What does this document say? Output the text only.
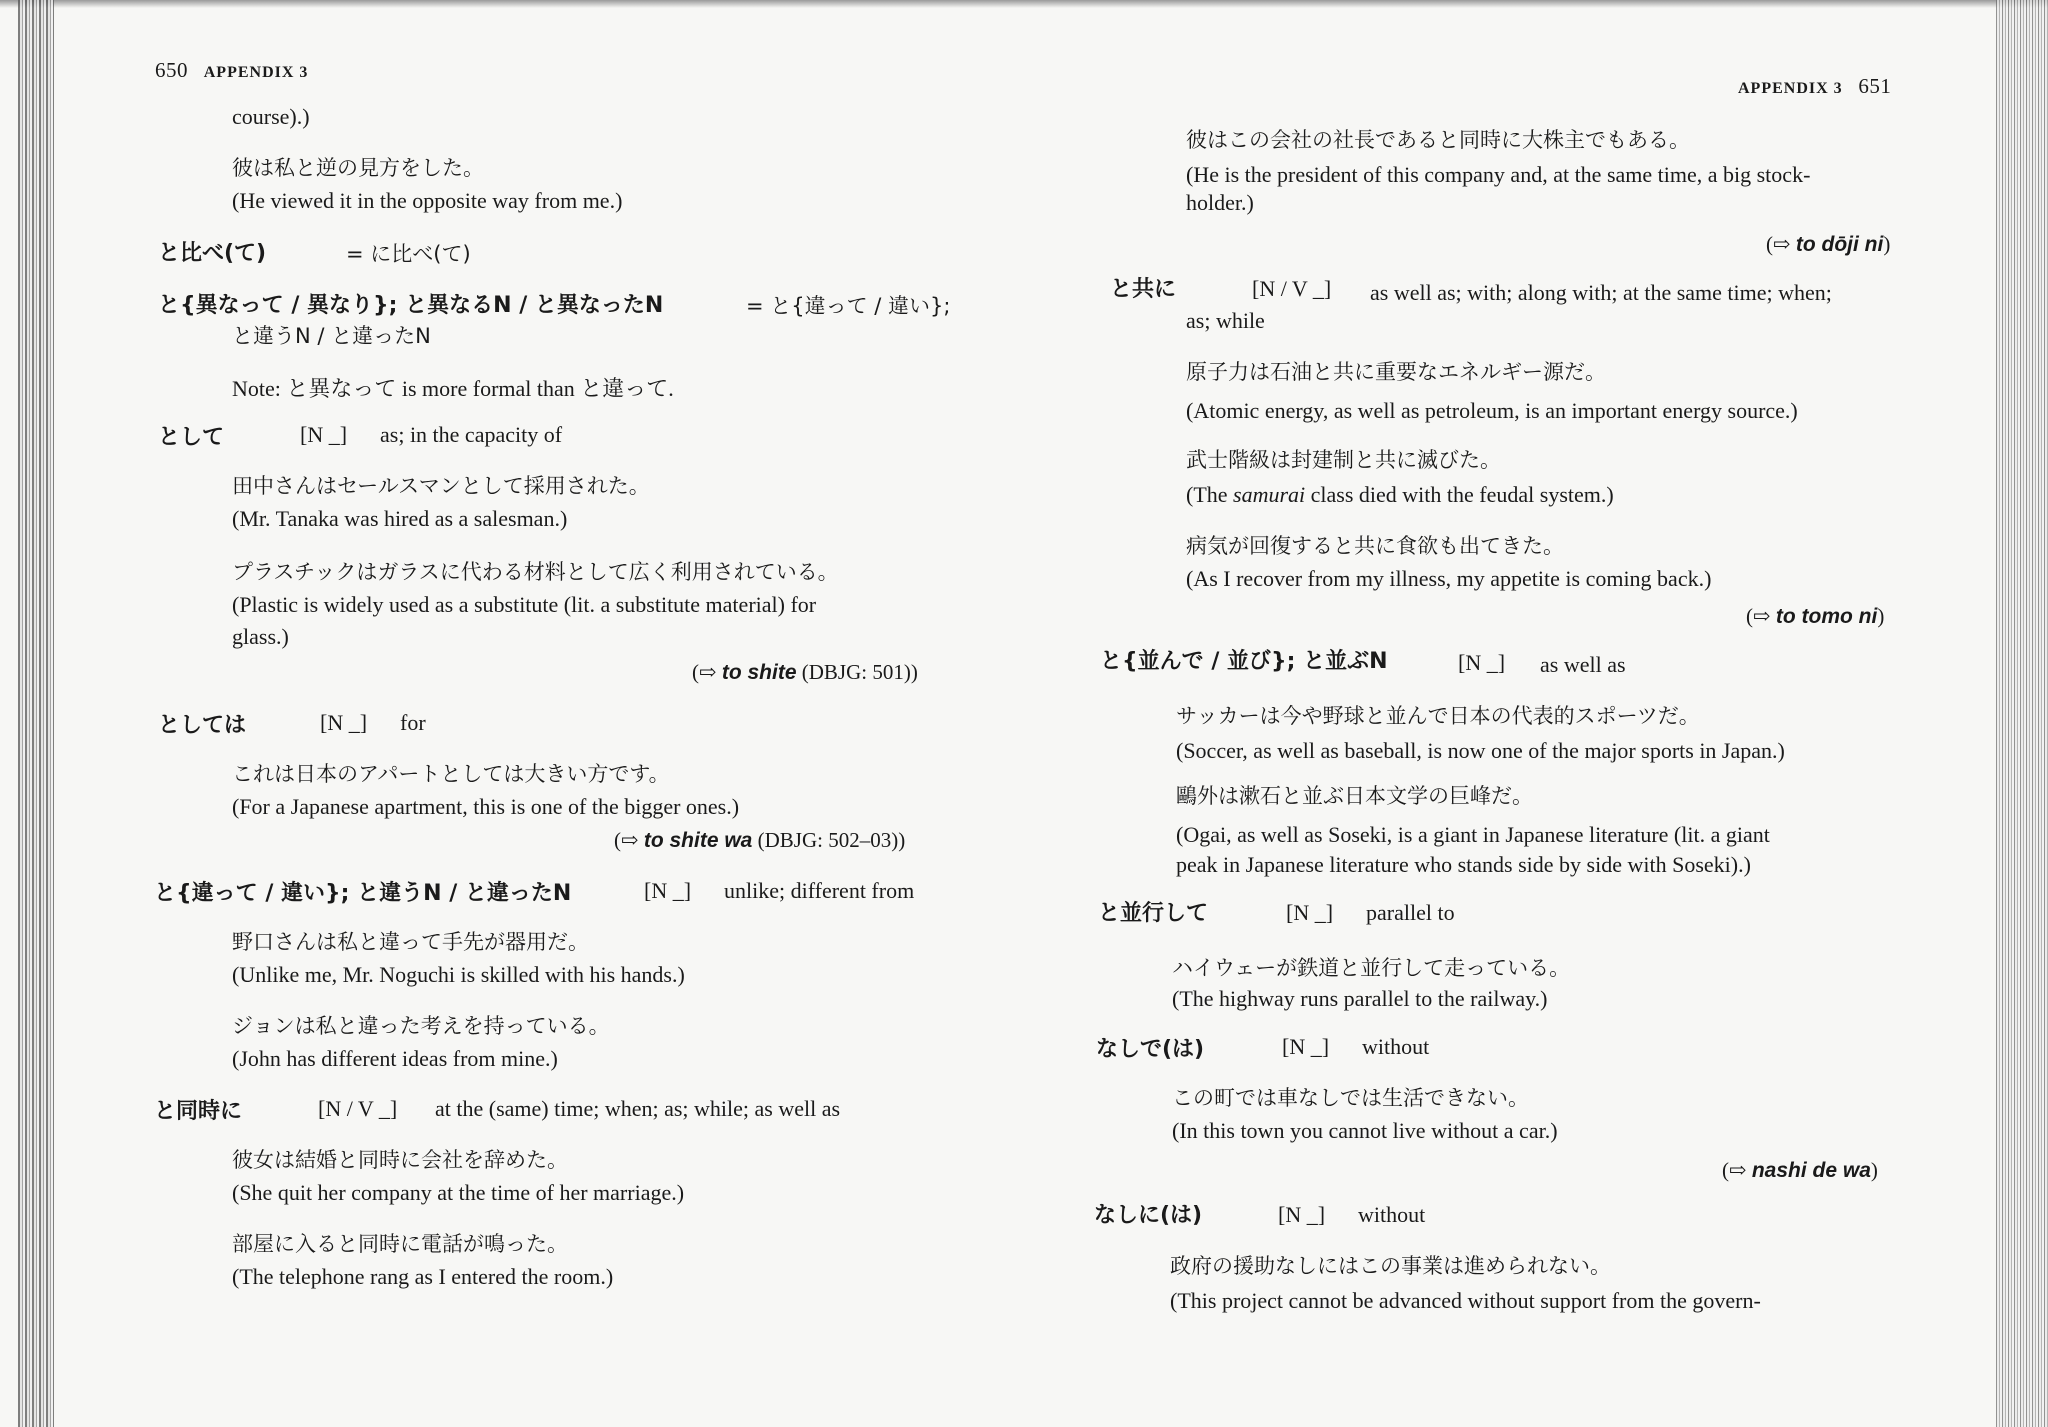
650 APPENDIX 3
course).)
彼は私と逆の見方をした。
(He viewed it in the opposite way from me.)
と比べ(て)	= に比べ(て)
と{異なって / 異なり}; と異なるN / と異なったN	= と{違って / 違い};
と違うN / と違ったN
Note: と異なって is more formal than と違って.
として	[N _] as; in the capacity of
田中さんはセールスマンとして採用された。
(Mr. Tanaka was hired as a salesman.)
プラスチックはガラスに代わる材料として広く利用されている。
(Plastic is widely used as a substitute (lit. a substitute material) for
glass.)
(⇨ to shite (DBJG: 501))
としては	[N _] for
これは日本のアパートとしては大きい方です。
(For a Japanese apartment, this is one of the bigger ones.)
(⇨ to shite wa (DBJG: 502–03))
と{違って / 違い}; と違うN / と違ったN	[N _] unlike; different from
野口さんは私と違って手先が器用だ。
(Unlike me, Mr. Noguchi is skilled with his hands.)
ジョンは私と違った考えを持っている。
(John has different ideas from mine.)
と同時に	[N / V _] at the (same) time; when; as; while; as well as
彼女は結婚と同時に会社を辞めた。
(She quit her company at the time of her marriage.)
部屋に入ると同時に電話が鳴った。
(The telephone rang as I entered the room.)
APPENDIX 3 651
彼はこの会社の社長であると同時に大株主でもある。
(He is the president of this company and, at the same time, a big stock-
holder.)
(⇨ to dōji ni)
と共に	[N / V _] as well as; with; along with; at the same time; when;
as; while
原子力は石油と共に重要なエネルギー源だ。
(Atomic energy, as well as petroleum, is an important energy source.)
武士階級は封建制と共に滅びた。
(The samurai class died with the feudal system.)
病気が回復すると共に食欲も出てきた。
(As I recover from my illness, my appetite is coming back.)
(⇨ to tomo ni)
と{並んで / 並び}; と並ぶN	[N _] as well as
サッカーは今や野球と並んで日本の代表的スポーツだ。
(Soccer, as well as baseball, is now one of the major sports in Japan.)
鷗外は漱石と並ぶ日本文学の巨峰だ。
(Ogai, as well as Soseki, is a giant in Japanese literature (lit. a giant
peak in Japanese literature who stands side by side with Soseki).)
と並行して	[N _] parallel to
ハイウェーが鉄道と並行して走っている。
(The highway runs parallel to the railway.)
なしで(は)	[N _] without
この町では車なしでは生活できない。
(In this town you cannot live without a car.)
(⇨ nashi de wa)
なしに(は)	[N _] without
政府の援助なしにはこの事業は進められない。
(This project cannot be advanced without support from the govern-
